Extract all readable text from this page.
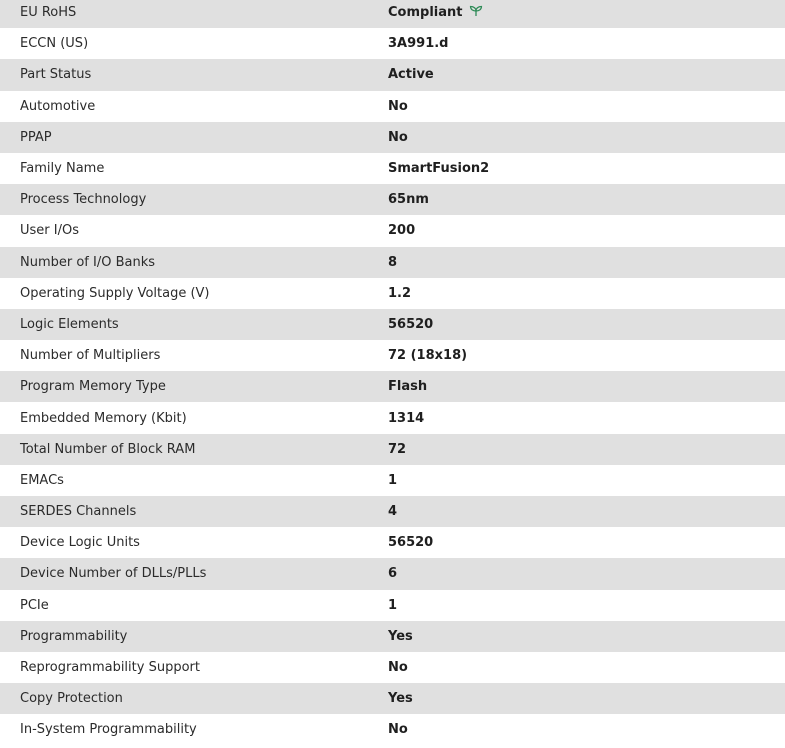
EU RoHS	Compliant
ECCN (US)	3A991.d
Part Status	Active
Automotive	No
PPAP	No
Family Name	SmartFusion2
Process Technology	65nm
User I/Os	200
Number of I/O Banks	8
Operating Supply Voltage (V)	1.2
Logic Elements	56520
Number of Multipliers	72 (18x18)
Program Memory Type	Flash
Embedded Memory (Kbit)	1314
Total Number of Block RAM	72
EMACs	1
SERDES Channels	4
Device Logic Units	56520
Device Number of DLLs/PLLs	6
PCIe	1
Programmability	Yes
Reprogrammability Support	No
Copy Protection	Yes
In-System Programmability	No
